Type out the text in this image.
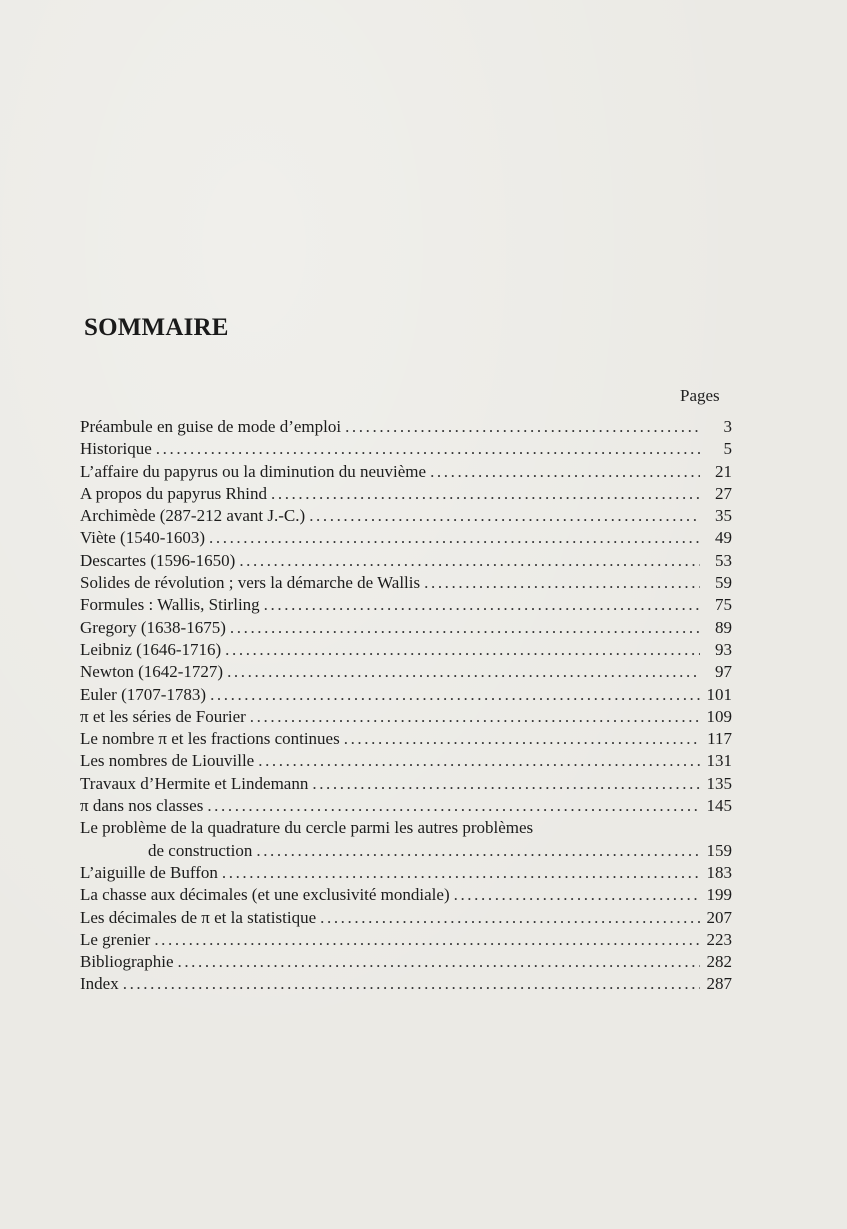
SOMMAIRE
Pages
Préambule en guise de mode d’emploi .....	3
Historique .....	5
L’affaire du papyrus ou la diminution du neuvième .....	21
A propos du papyrus Rhind .....	27
Archimède (287-212 avant J.-C.) .....	35
Viète (1540-1603) .....	49
Descartes (1596-1650) .....	53
Solides de révolution ; vers la démarche de Wallis .....	59
Formules : Wallis, Stirling .....	75
Gregory (1638-1675) .....	89
Leibniz (1646-1716) .....	93
Newton (1642-1727) .....	97
Euler (1707-1783) .....	101
π et les séries de Fourier .....	109
Le nombre π et les fractions continues .....	117
Les nombres de Liouville .....	131
Travaux d’Hermite et Lindemann .....	135
π dans nos classes .....	145
Le problème de la quadrature du cercle parmi les autres problèmes
de construction .....	159
L’aiguille de Buffon .....	183
La chasse aux décimales (et une exclusivité mondiale) .....	199
Les décimales de π et la statistique .....	207
Le grenier .....	223
Bibliographie .....	282
Index .....	287
